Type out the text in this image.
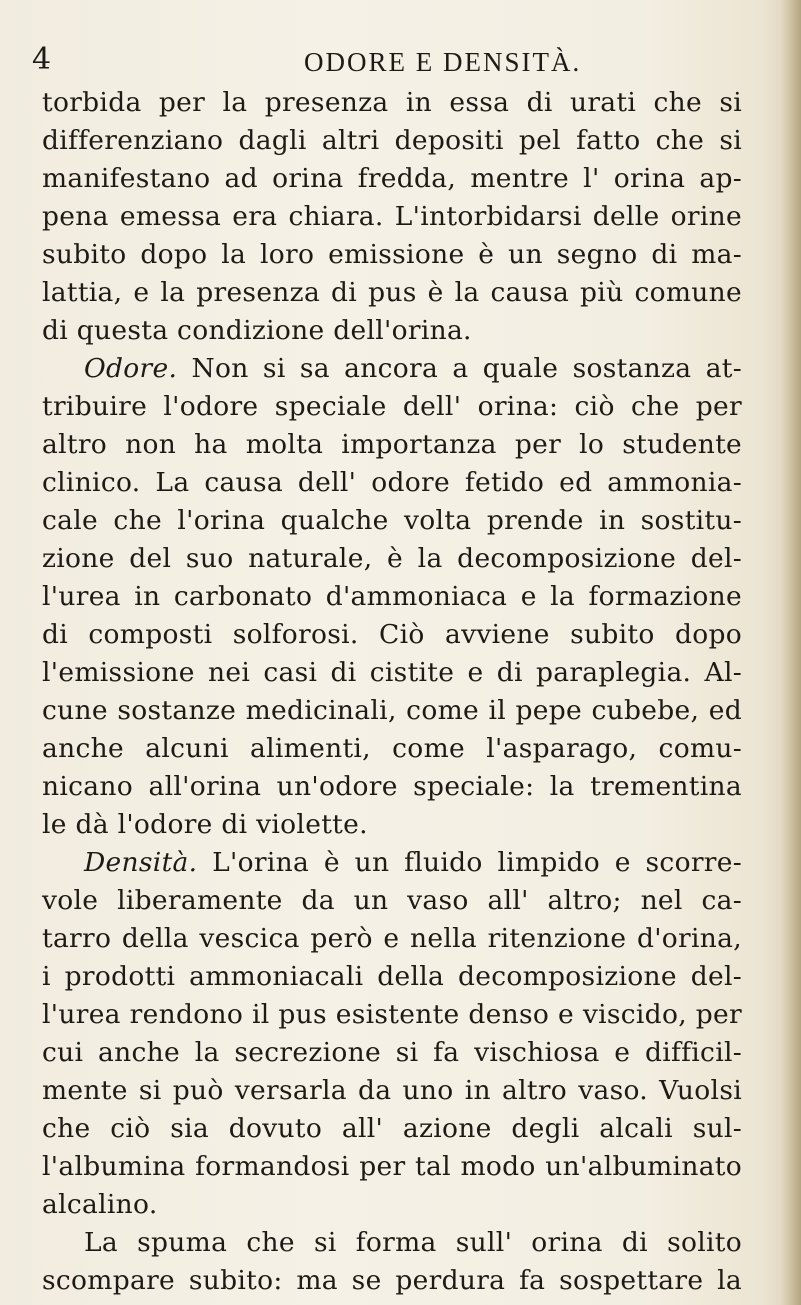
4	ODORE E DENSITÀ.
torbida per la presenza in essa di urati che si
differenziano dagli altri depositi pel fatto che si
manifestano ad orina fredda, mentre l' orina ap-
pena emessa era chiara. L'intorbidarsi delle orine
subito dopo la loro emissione è un segno di ma-
lattia, e la presenza di pus è la causa più comune
di questa condizione dell'orina.
Odore. Non si sa ancora a quale sostanza at-
tribuire l'odore speciale dell' orina: ciò che per
altro non ha molta importanza per lo studente
clinico. La causa dell' odore fetido ed ammonia-
cale che l'orina qualche volta prende in sostitu-
zione del suo naturale, è la decomposizione del-
l'urea in carbonato d'ammoniaca e la formazione
di composti solforosi. Ciò avviene subito dopo
l'emissione nei casi di cistite e di paraplegia. Al-
cune sostanze medicinali, come il pepe cubebe, ed
anche alcuni alimenti, come l'asparago, comu-
nicano all'orina un'odore speciale: la trementina
le dà l'odore di violette.
Densità. L'orina è un fluido limpido e scorre-
vole liberamente da un vaso all' altro; nel ca-
tarro della vescica però e nella ritenzione d'orina,
i prodotti ammoniacali della decomposizione del-
l'urea rendono il pus esistente denso e viscido, per
cui anche la secrezione si fa vischiosa e difficil-
mente si può versarla da uno in altro vaso. Vuolsi
che ciò sia dovuto all' azione degli alcali sul-
l'albumina formandosi per tal modo un'albuminato
alcalino.
La spuma che si forma sull' orina di solito
scompare subito: ma se perdura fa sospettare la
